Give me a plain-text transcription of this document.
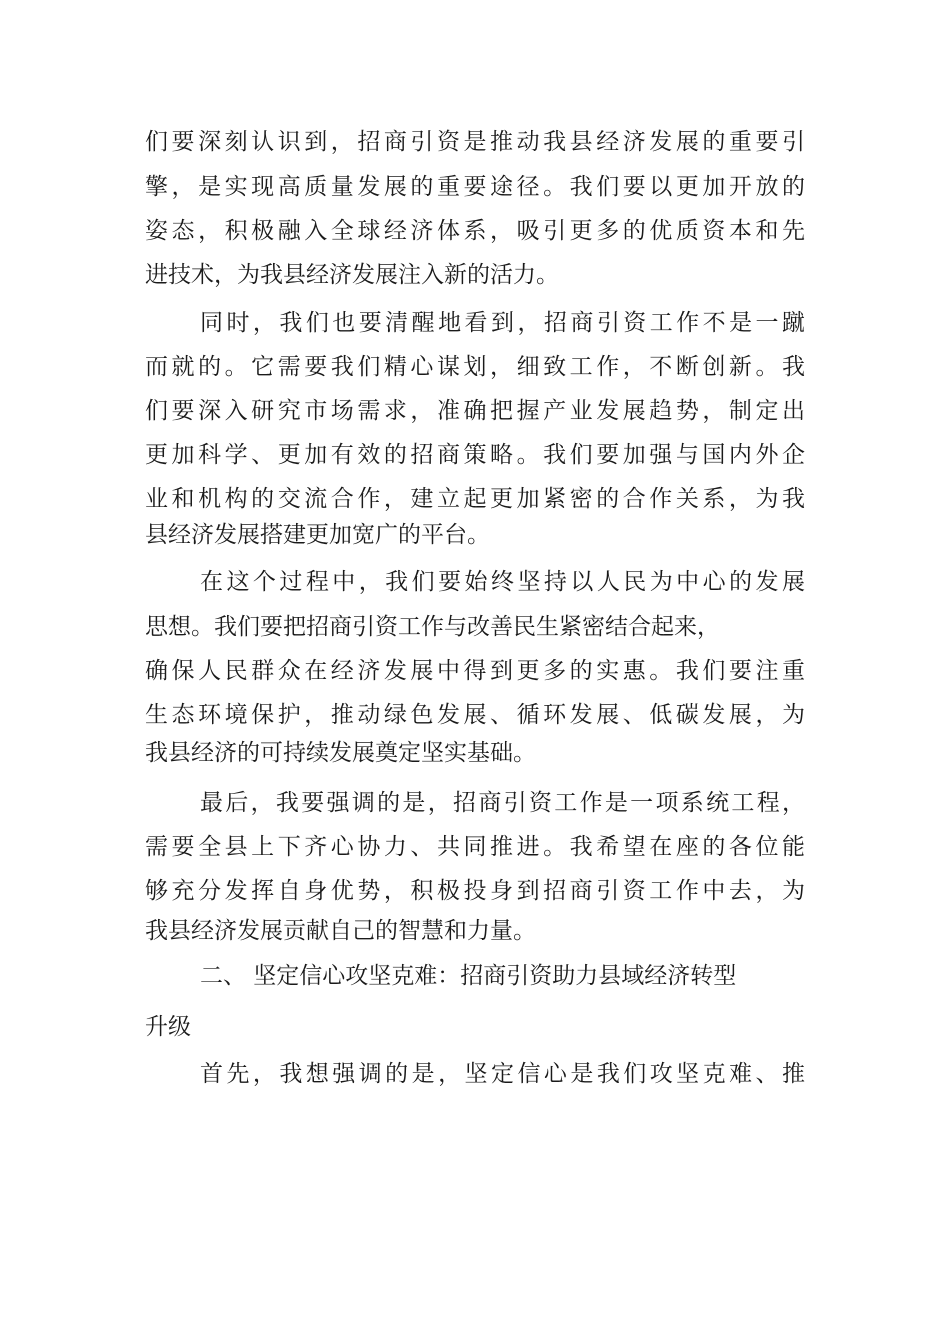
们要深刻认识到，招商引资是推动我县经济发展的重要引
擎，是实现高质量发展的重要途径。我们要以更加开放的
姿态，积极融入全球经济体系，吸引更多的优质资本和先
进技术，为我县经济发展注入新的活力。
同时，我们也要清醒地看到，招商引资工作不是一蹴
而就的。它需要我们精心谋划，细致工作，不断创新。我
们要深入研究市场需求，准确把握产业发展趋势，制定出
更加科学、更加有效的招商策略。我们要加强与国内外企
业和机构的交流合作，建立起更加紧密的合作关系，为我
县经济发展搭建更加宽广的平台。
在这个过程中，我们要始终坚持以人民为中心的发展
思想。我们要把招商引资工作与改善民生紧密结合起来，
确保人民群众在经济发展中得到更多的实惠。我们要注重
生态环境保护，推动绿色发展、循环发展、低碳发展，为
我县经济的可持续发展奠定坚实基础。
最后，我要强调的是，招商引资工作是一项系统工程，
需要全县上下齐心协力、共同推进。我希望在座的各位能
够充分发挥自身优势，积极投身到招商引资工作中去，为
我县经济发展贡献自己的智慧和力量。
二、 坚定信心攻坚克难：招商引资助力县域经济转型
升级
首先，我想强调的是，坚定信心是我们攻坚克难、推
